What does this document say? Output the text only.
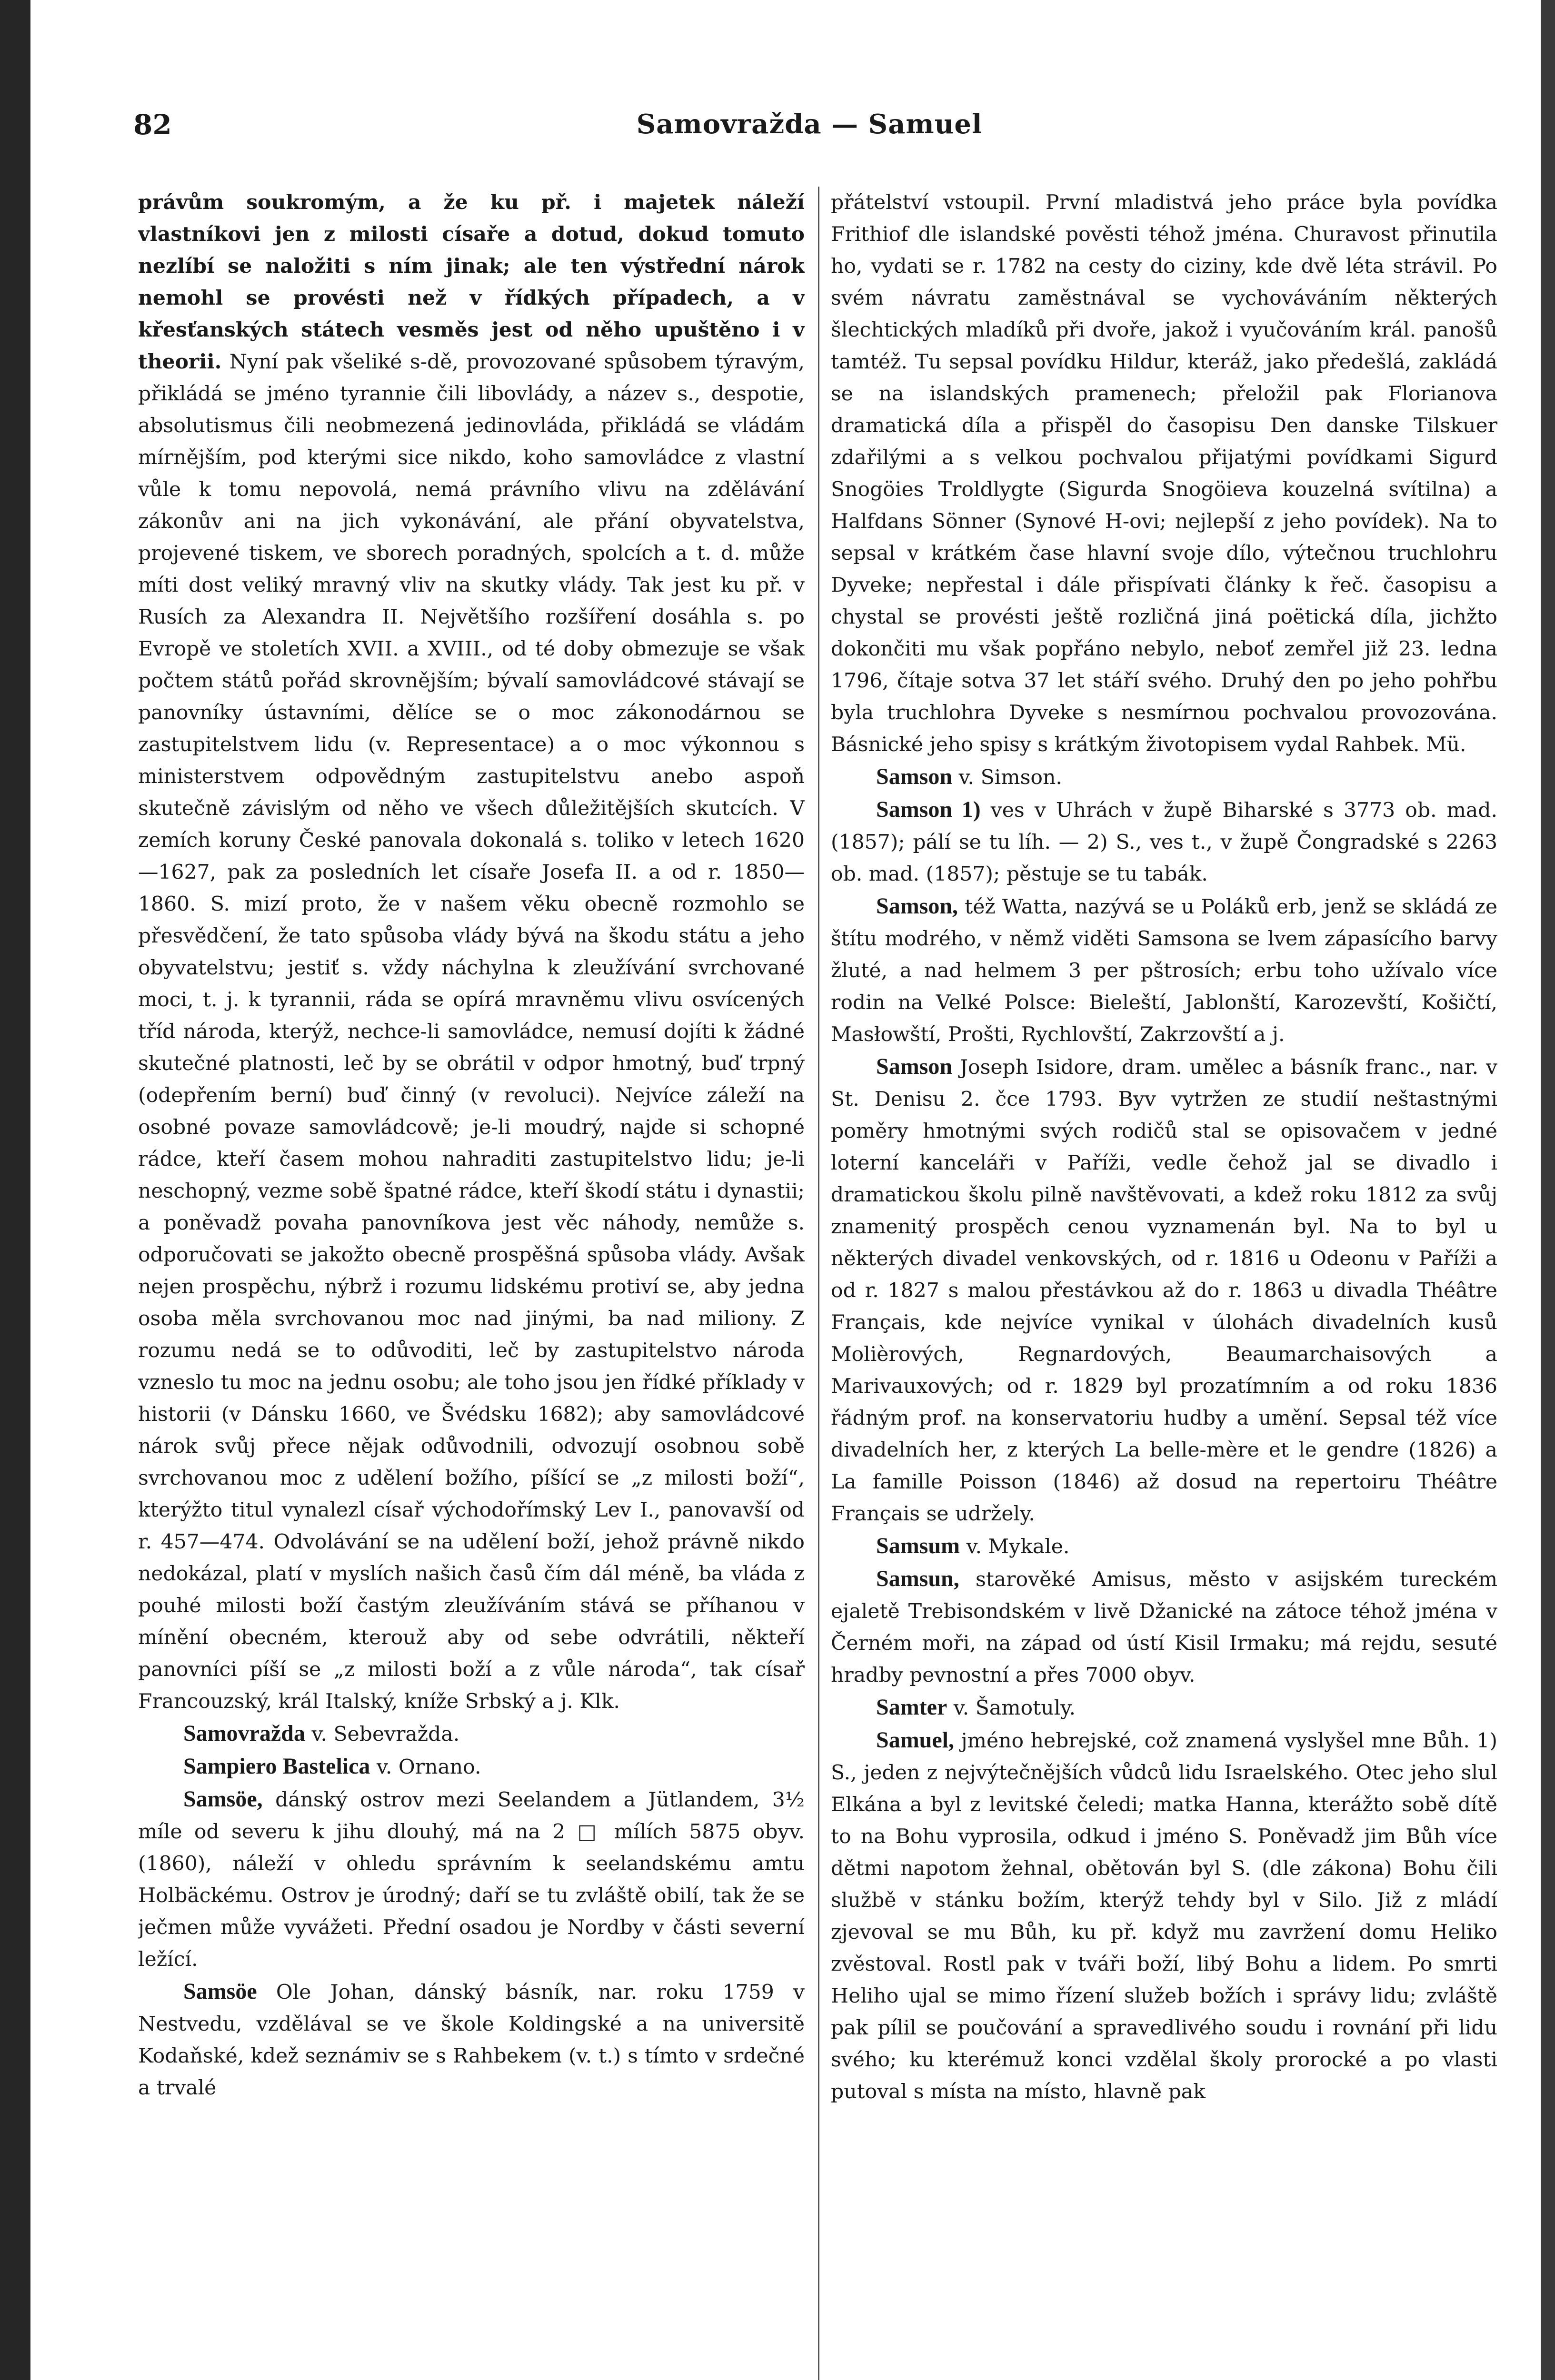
82	Samovražda — Samuel

právům soukromým, a že ku př. i majetek náleží vlastníkovi jen z milosti císaře a dotud, dokud tomuto nezlíbí se naložiti s ním jinak; ale ten výstřední nárok nemohl se provésti než v řídkých případech, a v křesťanských státech vesměs jest od něho upuštěno i v theorii. Nyní pak všeliké s-dě, provozované spůsobem týravým, přikládá se jméno tyrannie čili libovlády, a název s., despotie, absolutismus čili neobmezená jedinovláda, přikládá se vládám mírnějším, pod kterými sice nikdo, koho samovládce z vlastní vůle k tomu nepovolá, nemá právního vlivu na zdělávání zákonův ani na jich vykonávání, ale přání obyvatelstva, projevené tiskem, ve sborech poradných, spolcích a t. d. může míti dost veliký mravný vliv na skutky vlády. Tak jest ku př. v Rusích za Alexandra II. Největšího rozšíření dosáhla s. po Evropě ve stoletích XVII. a XVIII., od té doby obmezuje se však počtem států pořád skrovnějším; bývalí samovládcové stávají se panovníky ústavními, dělíce se o moc zákonodárnou se zastupitelstvem lidu (v. Representace) a o moc výkonnou s ministerstvem odpovědným zastupitelstvu anebo aspoň skutečně závislým od něho ve všech důležitějších skutcích. V zemích koruny České panovala dokonalá s. toliko v letech 1620—1627, pak za posledních let císaře Josefa II. a od r. 1850—1860. S. mizí proto, že v našem věku obecně rozmohlo se přesvědčení, že tato spůsoba vlády bývá na škodu státu a jeho obyvatelstvu; jestiť s. vždy náchylna k zleužívání svrchované moci, t. j. k tyrannii, ráda se opírá mravněmu vlivu osvícených tříd národa, kterýž, nechce-li samovládce, nemusí dojíti k žádné skutečné platnosti, leč by se obrátil v odpor hmotný, buď trpný (odepřením berní) buď činný (v revoluci). Nejvíce záleží na osobné povaze samovládcově; je-li moudrý, najde si schopné rádce, kteří časem mohou nahraditi zastupitelstvo lidu; je-li neschopný, vezme sobě špatné rádce, kteří škodí státu i dynastii; a poněvadž povaha panovníkova jest věc náhody, nemůže s. odporučovati se jakožto obecně prospěšná spůsoba vlády. Avšak nejen prospěchu, nýbrž i rozumu lidskému protiví se, aby jedna osoba měla svrchovanou moc nad jinými, ba nad miliony. Z rozumu nedá se to odůvoditi, leč by zastupitelstvo národa vzneslo tu moc na jednu osobu; ale toho jsou jen řídké příklady v historii (v Dánsku 1660, ve Švédsku 1682); aby samovládcové nárok svůj přece nějak odůvodnili, odvozují osobnou sobě svrchovanou moc z udělení božího, píšící se „z milosti boží“, kterýžto titul vynalezl císař východořímský Lev I., panovavší od r. 457—474. Odvolávání se na udělení boží, jehož právně nikdo nedokázal, platí v myslích našich časů čím dál méně, ba vláda z pouhé milosti boží častým zleužíváním stává se příhanou v mínění obecném, kterouž aby od sebe odvrátili, někteří panovníci píší se „z milosti boží a z vůle národa“, tak císař Francouzský, král Italský, kníže Srbský a j. Klk.

Samovražda v. Sebevražda.

Sampiero Bastelica v. Ornano.

Samsöe, dánský ostrov mezi Seelandem a Jütlandem, 3½ míle od severu k jihu dlouhý, má na 2 □ mílích 5875 obyv. (1860), náleží v ohledu správním k seelandskému amtu Holbäckému. Ostrov je úrodný; daří se tu zvláště obilí, tak že se ječmen může vyvážeti. Přední osadou je Nordby v části severní ležící.

Samsöe Ole Johan, dánský básník, nar. roku 1759 v Nestvedu, vzdělával se ve škole Koldingské a na universitě Kodaňské, kdež seznámiv se s Rahbekem (v. t.) s tímto v srdečné a trvalé

přátelství vstoupil. První mladistvá jeho práce byla povídka Frithiof dle islandské pověsti téhož jména. Churavost přinutila ho, vydati se r. 1782 na cesty do ciziny, kde dvě léta strávil. Po svém návratu zaměstnával se vychováváním některých šlechtických mladíků při dvoře, jakož i vyučováním král. panošů tamtéž. Tu sepsal povídku Hildur, kteráž, jako předešlá, zakládá se na islandských pramenech; přeložil pak Florianova dramatická díla a přispěl do časopisu Den danske Tilskuer zdařilými a s velkou pochvalou přijatými povídkami Sigurd Snogöies Troldlygte (Sigurda Snogöieva kouzelná svítilna) a Halfdans Sönner (Synové H-ovi; nejlepší z jeho povídek). Na to sepsal v krátkém čase hlavní svoje dílo, výtečnou truchlohru Dyveke; nepřestal i dále přispívati články k řeč. časopisu a chystal se provésti ještě rozličná jiná poëtická díla, jichžto dokončiti mu však popřáno nebylo, neboť zemřel již 23. ledna 1796, čítaje sotva 37 let stáří svého. Druhý den po jeho pohřbu byla truchlohra Dyveke s nesmírnou pochvalou provozována. Básnické jeho spisy s krátkým životopisem vydal Rahbek. Mü.

Samson v. Simson.

Samson 1) ves v Uhrách v župě Biharské s 3773 ob. mad. (1857); pálí se tu líh. — 2) S., ves t., v župě Čongradské s 2263 ob. mad. (1857); pěstuje se tu tabák.

Samson, též Watta, nazývá se u Poláků erb, jenž se skládá ze štítu modrého, v němž viděti Samsona se lvem zápasícího barvy žluté, a nad helmem 3 per pštrosích; erbu toho užívalo více rodin na Velké Polsce: Bieleští, Jablonští, Karozevští, Košičtí, Masłowští, Prošti, Rychlovští, Zakrzovští a j.

Samson Joseph Isidore, dram. umělec a básník franc., nar. v St. Denisu 2. čce 1793. Byv vytržen ze studií neštastnými poměry hmotnými svých rodičů stal se opisovačem v jedné loterní kanceláři v Paříži, vedle čehož jal se divadlo i dramatickou školu pilně navštěvovati, a kdež roku 1812 za svůj znamenitý prospěch cenou vyznamenán byl. Na to byl u některých divadel venkovských, od r. 1816 u Odeonu v Paříži a od r. 1827 s malou přestávkou až do r. 1863 u divadla Théâtre Français, kde nejvíce vynikal v úlohách divadelních kusů Molièrových, Regnardových, Beaumarchaisových a Marivauxových; od r. 1829 byl prozatímním a od roku 1836 řádným prof. na konservatoriu hudby a umění. Sepsal též více divadelních her, z kterých La belle-mère et le gendre (1826) a La famille Poisson (1846) až dosud na repertoiru Théâtre Français se udržely.

Samsum v. Mykale.

Samsun, starověké Amisus, město v asijském tureckém ejaletě Trebisondském v livě Džanické na zátoce téhož jména v Černém moři, na západ od ústí Kisil Irmaku; má rejdu, sesuté hradby pevnostní a přes 7000 obyv.

Samter v. Šamotuly.

Samuel, jméno hebrejské, což znamená vyslyšel mne Bůh. 1) S., jeden z nejvýtečnějších vůdců lidu Israelského. Otec jeho slul Elkána a byl z levitské čeledi; matka Hanna, kterážto sobě dítě to na Bohu vyprosila, odkud i jméno S. Poněvadž jim Bůh více dětmi napotom žehnal, obětován byl S. (dle zákona) Bohu čili službě v stánku božím, kterýž tehdy byl v Silo. Již z mládí zjevoval se mu Bůh, ku př. když mu zavržení domu Heliko zvěstoval. Rostl pak v tváři boží, libý Bohu a lidem. Po smrti Heliho ujal se mimo řízení služeb božích i správy lidu; zvláště pak pílil se poučování a spravedlivého soudu i rovnání při lidu svého; ku kterémuž konci vzdělal školy prorocké a po vlasti putoval s místa na místo, hlavně pak
